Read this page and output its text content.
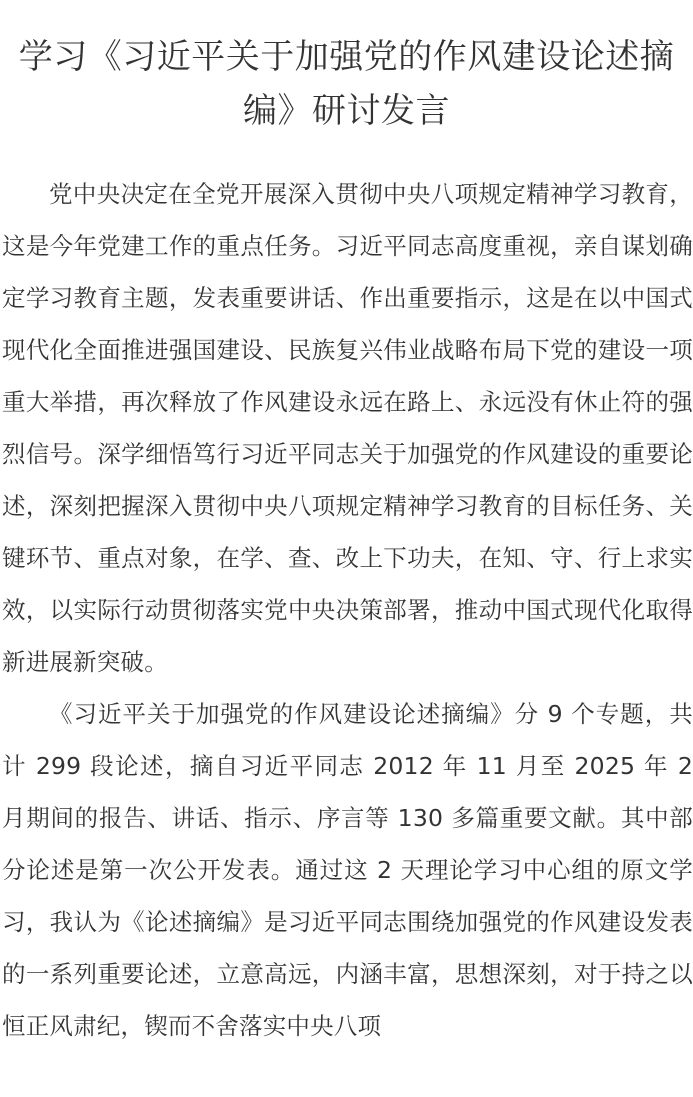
学习《习近平关于加强党的作风建设论述摘编》研讨发言

党中央决定在全党开展深入贯彻中央八项规定精神学习教育，这是今年党建工作的重点任务。习近平同志高度重视，亲自谋划确定学习教育主题，发表重要讲话、作出重要指示，这是在以中国式现代化全面推进强国建设、民族复兴伟业战略布局下党的建设一项重大举措，再次释放了作风建设永远在路上、永远没有休止符的强烈信号。深学细悟笃行习近平同志关于加强党的作风建设的重要论述，深刻把握深入贯彻中央八项规定精神学习教育的目标任务、关键环节、重点对象，在学、查、改上下功夫，在知、守、行上求实效，以实际行动贯彻落实党中央决策部署，推动中国式现代化取得新进展新突破。

《习近平关于加强党的作风建设论述摘编》分 9 个专题，共计 299 段论述，摘自习近平同志 2012 年 11 月至 2025 年 2 月期间的报告、讲话、指示、序言等 130 多篇重要文献。其中部分论述是第一次公开发表。通过这 2 天理论学习中心组的原文学习，我认为《论述摘编》是习近平同志围绕加强党的作风建设发表的一系列重要论述，立意高远，内涵丰富，思想深刻，对于持之以恒正风肃纪，锲而不舍落实中央八项
